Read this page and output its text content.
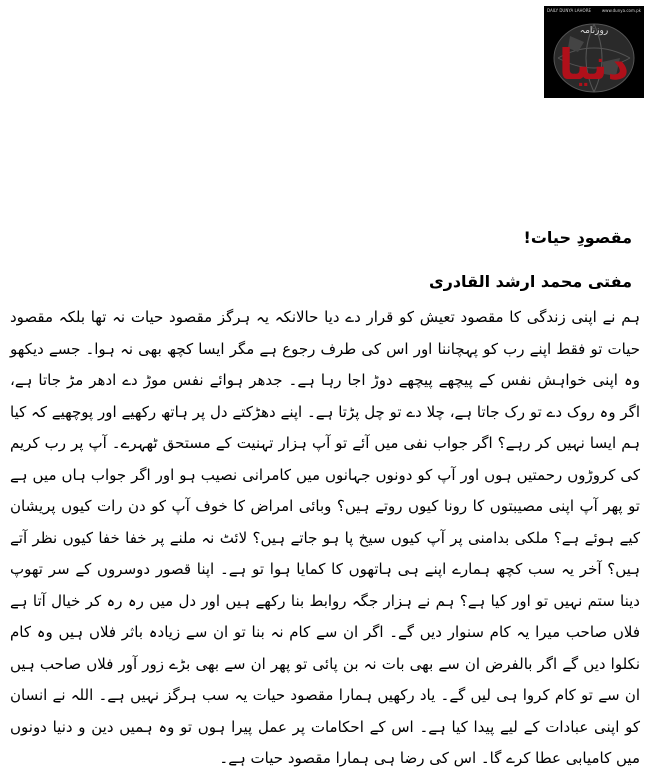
DAILY DUNYA LAHORE	www.dunya.com.pk
روزنامہ
دنیا
مقصودِ حیات!
مفتی محمد ارشد القادری

ہم نے اپنی زندگی کا مقصود تعیش کو قرار دے دیا حالانکہ یہ ہرگز مقصود حیات نہ تھا بلکہ مقصود حیات تو فقط اپنے رب کو پہچاننا اور اس کی طرف رجوع ہے مگر ایسا کچھ بھی نہ ہوا۔ جسے دیکھو وہ اپنی خواہش نفس کے پیچھے پیچھے دوڑ اجا رہا ہے۔ جدھر ہوائے نفس موڑ دے ادھر مڑ جاتا ہے، اگر وہ روک دے تو رک جاتا ہے، چلا دے تو چل پڑتا ہے۔ اپنے دھڑکتے دل پر ہاتھ رکھیے اور پوچھیے کہ کیا ہم ایسا نہیں کر رہے؟ اگر جواب نفی میں آئے تو آپ ہزار تہنیت کے مستحق ٹھہرے۔ آپ پر رب کریم کی کروڑوں رحمتیں ہوں اور آپ کو دونوں جہانوں میں کامرانی نصیب ہو اور اگر جواب ہاں میں ہے تو پھر آپ اپنی مصیبتوں کا رونا کیوں روتے ہیں؟ وبائی امراض کا خوف آپ کو دن رات کیوں پریشان کیے ہوئے ہے؟ ملکی بدامنی پر آپ کیوں سیخ پا ہو جاتے ہیں؟ لائٹ نہ ملنے پر خفا خفا کیوں نظر آتے ہیں؟ آخر یہ سب کچھ ہمارے اپنے ہی ہاتھوں کا کمایا ہوا تو ہے۔ اپنا قصور دوسروں کے سر تھوپ دینا ستم نہیں تو اور کیا ہے؟ ہم نے ہزار جگہ روابط بنا رکھے ہیں اور دل میں رہ رہ کر خیال آتا ہے فلاں صاحب میرا یہ کام سنوار دیں گے۔ اگر ان سے کام نہ بنا تو ان سے زیادہ باثر فلاں ہیں وہ کام نکلوا دیں گے اگر بالفرض ان سے بھی بات نہ بن پائی تو پھر ان سے بھی بڑے زور آور فلاں صاحب ہیں ان سے تو کام کروا ہی لیں گے۔ یاد رکھیں ہمارا مقصود حیات یہ سب ہرگز نہیں ہے۔ اللہ نے انسان کو اپنی عبادات کے لیے پیدا کیا ہے۔ اس کے احکامات پر عمل پیرا ہوں تو وہ ہمیں دین و دنیا دونوں میں کامیابی عطا کرے گا۔ اس کی رضا ہی ہمارا مقصود حیات ہے۔
